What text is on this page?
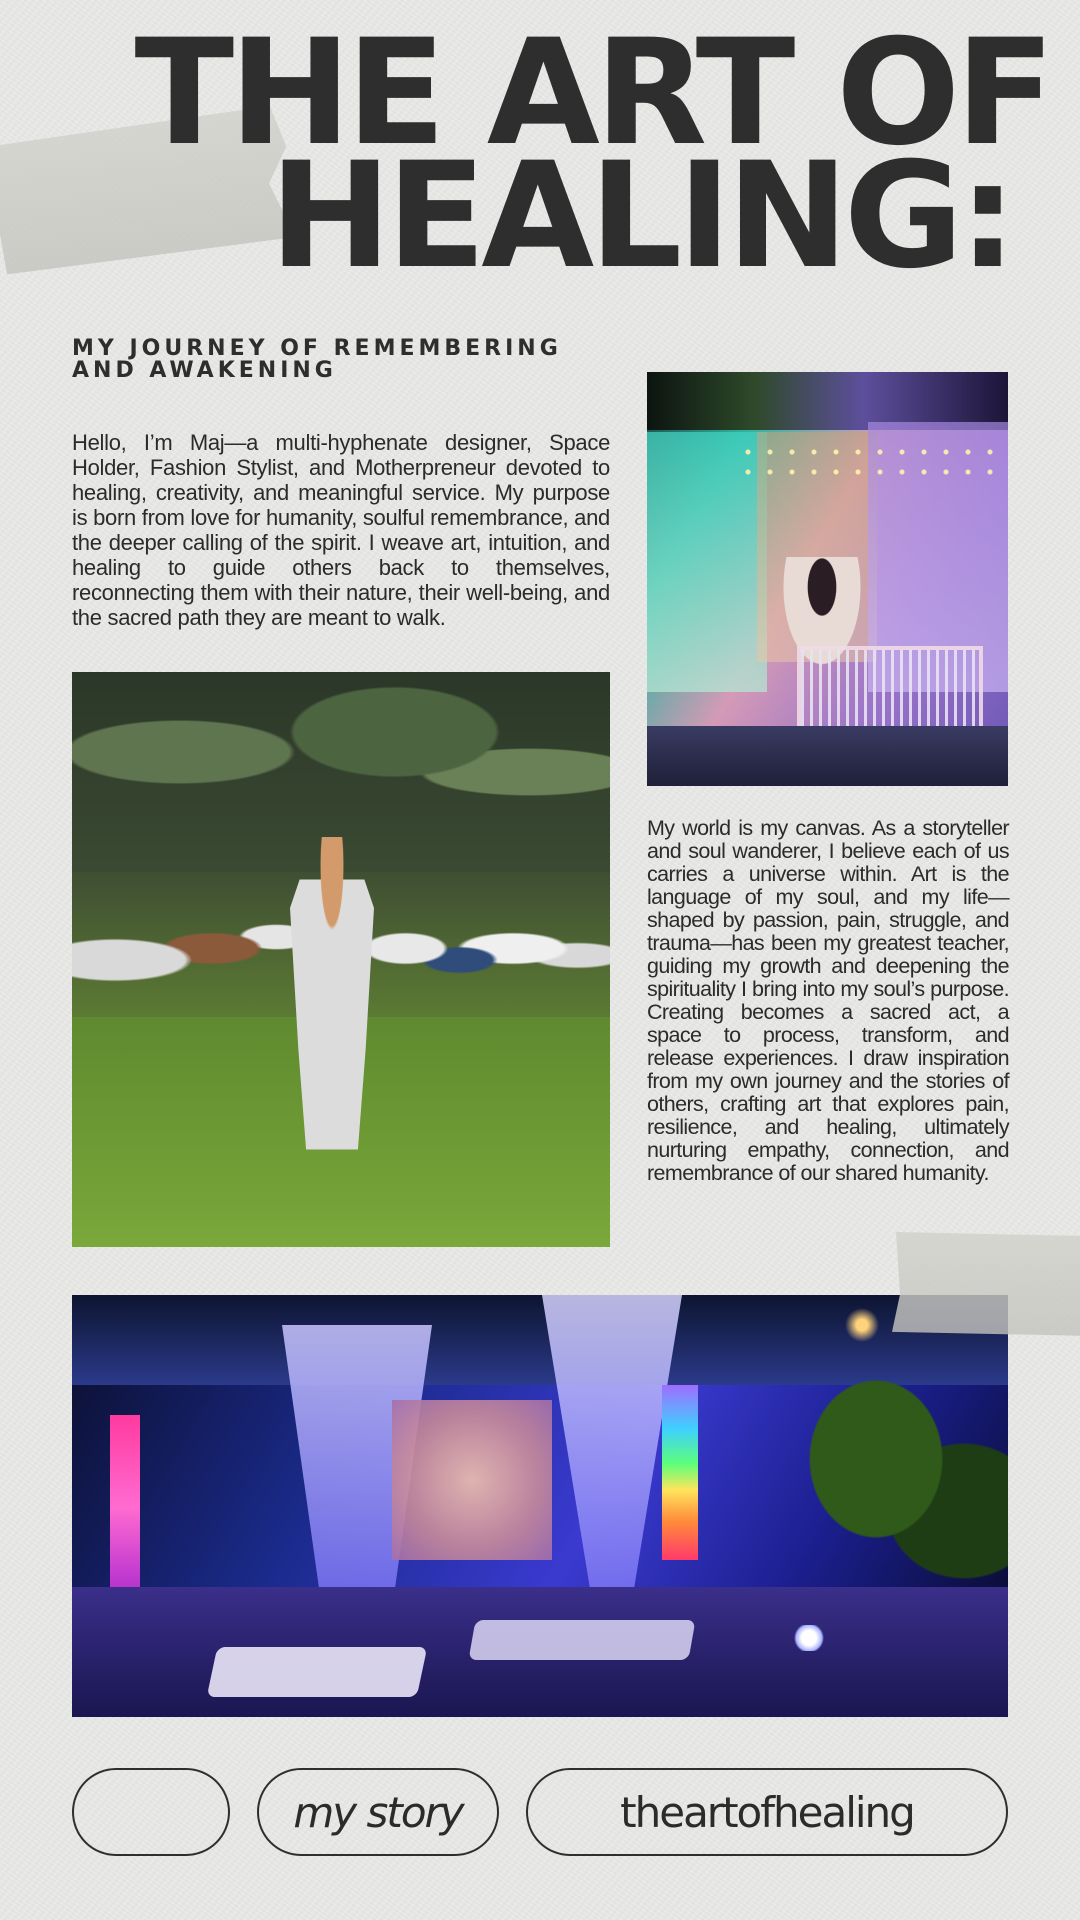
THE ART OF
HEALING:
MY JOURNEY OF REMEMBERING AND AWAKENING

Hello, I’m Maj—a multi-hyphenate designer, Space Holder, Fashion Stylist, and Motherpreneur devoted to healing, creativity, and meaningful service. My purpose is born from love for humanity, soulful remembrance, and the deeper calling of the spirit. I weave art, intuition, and healing to guide others back to themselves, reconnecting them with their nature, their well-being, and the sacred path they are meant to walk.

My world is my canvas. As a storyteller and soul wanderer, I believe each of us carries a universe within. Art is the language of my soul, and my life—shaped by passion, pain, struggle, and trauma—has been my greatest teacher, guiding my growth and deepening the spirituality I bring into my soul’s purpose. Creating becomes a sacred act, a space to process, transform, and release experiences. I draw inspiration from my own journey and the stories of others, crafting art that explores pain, resilience, and healing, ultimately nurturing empathy, connection, and remembrance of our shared humanity.

my story	theartofhealing
